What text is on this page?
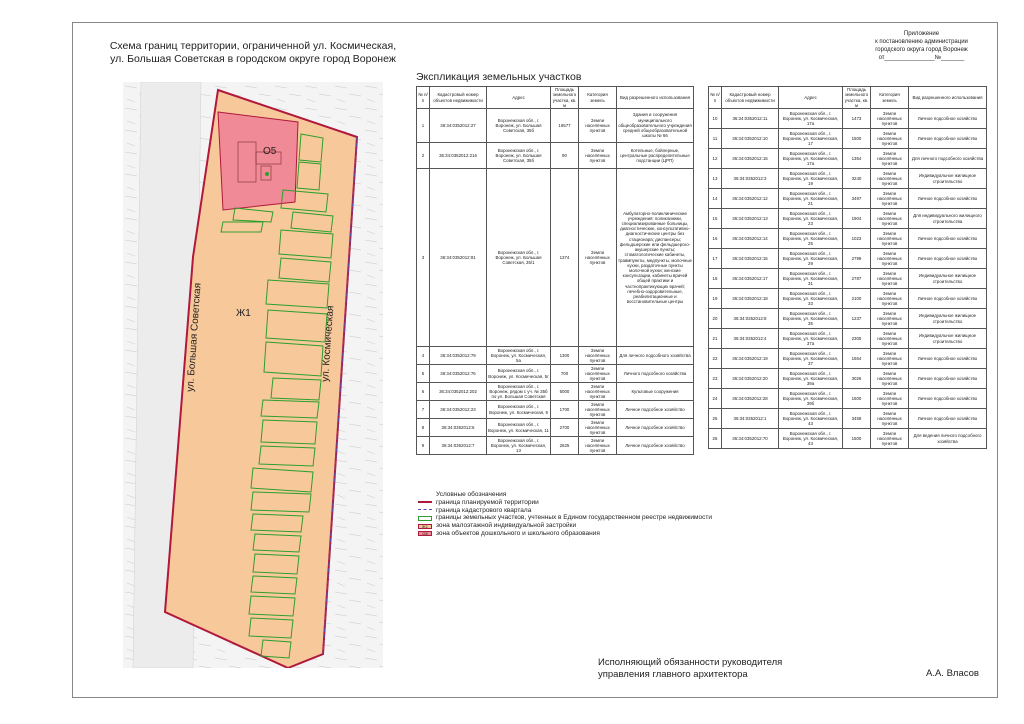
Схема границ территории, ограниченной ул. Космическая,
ул. Большая Советская в городском округе город Воронеж
Приложение
к постановлению администрации
городского округа город Воронеж
от_______________№_______
О5
Ж1
ул. Большая Советская	ул. Космическая
Экспликация земельных участков
№ п/п	Кадастровый номер объектов недвижимости	Адрес	Площадь земельного участка, кв. м	Категория земель	Вид разрешенного использования
1	36:34:0352012:27	Воронежская обл., г. Воронеж, ул. Большая Советская, 35б	16577	Земли населённых пунктов	Здания и сооружения муниципального общеобразовательного учреждения средней общеобразовательной школы № 66
2	36:34:0352012:216	Воронежская обл., г. Воронеж, ул. Большая Советская, 35б	90	Земли населённых пунктов	Котельные, бойлерные, центральные распределительные подстанции (ЦРП)
3	36:34:0352012:91	Воронежская обл., г. Воронеж, ул. Большая Советская, 35/1	1374	Земли населённых пунктов	Амбулаторно-поликлинические учреждения: поликлиники, специализированные больницы, диагностические, консультативно-диагностические центры без стационара; диспансеры; фельдшерские или фельдшерско-акушерские пункты; стоматологические кабинеты, травмпункты, медпункты, молочные кухни, раздаточные пункты молочной кухни; женские консультации, кабинеты врачей общей практики и частнопрактикующих врачей; лечебно-оздоровительные, реабилитационные и восстановительные центры
4	36:34:0352012:79	Воронежская обл., г. Воронеж, ул. Космическая, 5а	1300	Земли населённых пунктов	Для личного подсобного хозяйства
5	36:34:0352012:76	Воронежская обл., г. Воронеж, ул. Космическая, 5г	700	Земли населённых пунктов	Личного подсобного хозяйства
6	36:34:0352012:202	Воронежская обл., г. Воронеж, рядом с уч. № 35б по ул. Большая Советская	5000	Земли населённых пунктов	Культовые сооружения
7	36:34:0352012:23	Воронежская обл., г. Воронеж, ул. Космическая, 9	1700	Земли населённых пунктов	Личное подсобное хозяйство
8	36:34:0352012:6	Воронежская обл., г. Воронеж, ул. Космическая, 11	2700	Земли населённых пунктов	Личное подсобное хозяйство
9	36:34:0352012:7	Воронежская обл., г. Воронеж, ул. Космическая, 13	2625	Земли населённых пунктов	Личное подсобное хозяйство
№ п/п	Кадастровый номер объектов недвижимости	Адрес	Площадь земельного участка, кв. м	Категория земель	Вид разрешенного использования
10	36:34:0352012:11	Воронежская обл., г. Воронеж, ул. Космическая, 17а	1473	Земли населённых пунктов	Личное подсобное хозяйство
11	36:34:0352012:10	Воронежская обл., г. Воронеж, ул. Космическая, 17	1500	Земли населённых пунктов	Личное подсобное хозяйство
12	36:34:0352012:15	Воронежская обл., г. Воронеж, ул. Космическая, 17а	1354	Земли населённых пунктов	Для личного подсобного хозяйства
13	36:34:0352012:3	Воронежская обл., г. Воронеж, ул. Космическая, 19	3240	Земли населённых пунктов	Индивидуальное жилищное строительство
14	36:34:0352012:12	Воронежская обл., г. Воронеж, ул. Космическая, 21	3497	Земли населённых пунктов	Личное подсобное хозяйство
15	36:34:0352012:13	Воронежская обл., г. Воронеж, ул. Космическая, 23	1904	Земли населённых пунктов	Для индивидуального жилищного строительства
16	36:34:0352012:14	Воронежская обл., г. Воронеж, ул. Космическая, 25	1023	Земли населённых пунктов	Личное подсобное хозяйство
17	36:34:0352012:16	Воронежская обл., г. Воронеж, ул. Космическая, 29	2799	Земли населённых пунктов	Личное подсобное хозяйство
18	36:34:0352012:17	Воронежская обл., г. Воронеж, ул. Космическая, 31	2787	Земли населённых пунктов	Индивидуальное жилищное строительство
19	36:34:0352012:18	Воронежская обл., г. Воронеж, ул. Космическая, 33	2100	Земли населённых пунктов	Личное подсобное хозяйство
20	36:34:0352012:8	Воронежская обл., г. Воронеж, ул. Космическая, 35	1237	Земли населённых пунктов	Индивидуальное жилищное строительство
21	36:34:0352012:4	Воронежская обл., г. Воронеж, ул. Космическая, 37а	2305	Земли населённых пунктов	Индивидуальное жилищное строительство
22	36:34:0352012:19	Воронежская обл., г. Воронеж, ул. Космическая, 37	1664	Земли населённых пунктов	Личное подсобное хозяйство
23	36:34:0352012:20	Воронежская обл., г. Воронеж, ул. Космическая, 39а	3026	Земли населённых пунктов	Личное подсобное хозяйство
24	36:34:0352012:28	Воронежская обл., г. Воронеж, ул. Космическая, 39б	1600	Земли населённых пунктов	Личное подсобное хозяйство
25	36:34:0352012:1	Воронежская обл., г. Воронеж, ул. Космическая, 43	3458	Земли населённых пунктов	Личное подсобное хозяйство
26	36:34:0352012:70	Воронежская обл., г. Воронеж, ул. Космическая, 43	1500	Земли населённых пунктов	Для ведения личного подсобного хозяйства
Условные обозначения
граница планируемой территории
граница кадастрового квартала
границы земельных участков, учтенных в Едином государственном реестре недвижимости
Ж1	зона малоэтажной индивидуальной застройки
О5	зона объектов дошкольного и школьного образования
Исполняющий обязанности руководителя
управления главного архитектора	А.А. Власов
